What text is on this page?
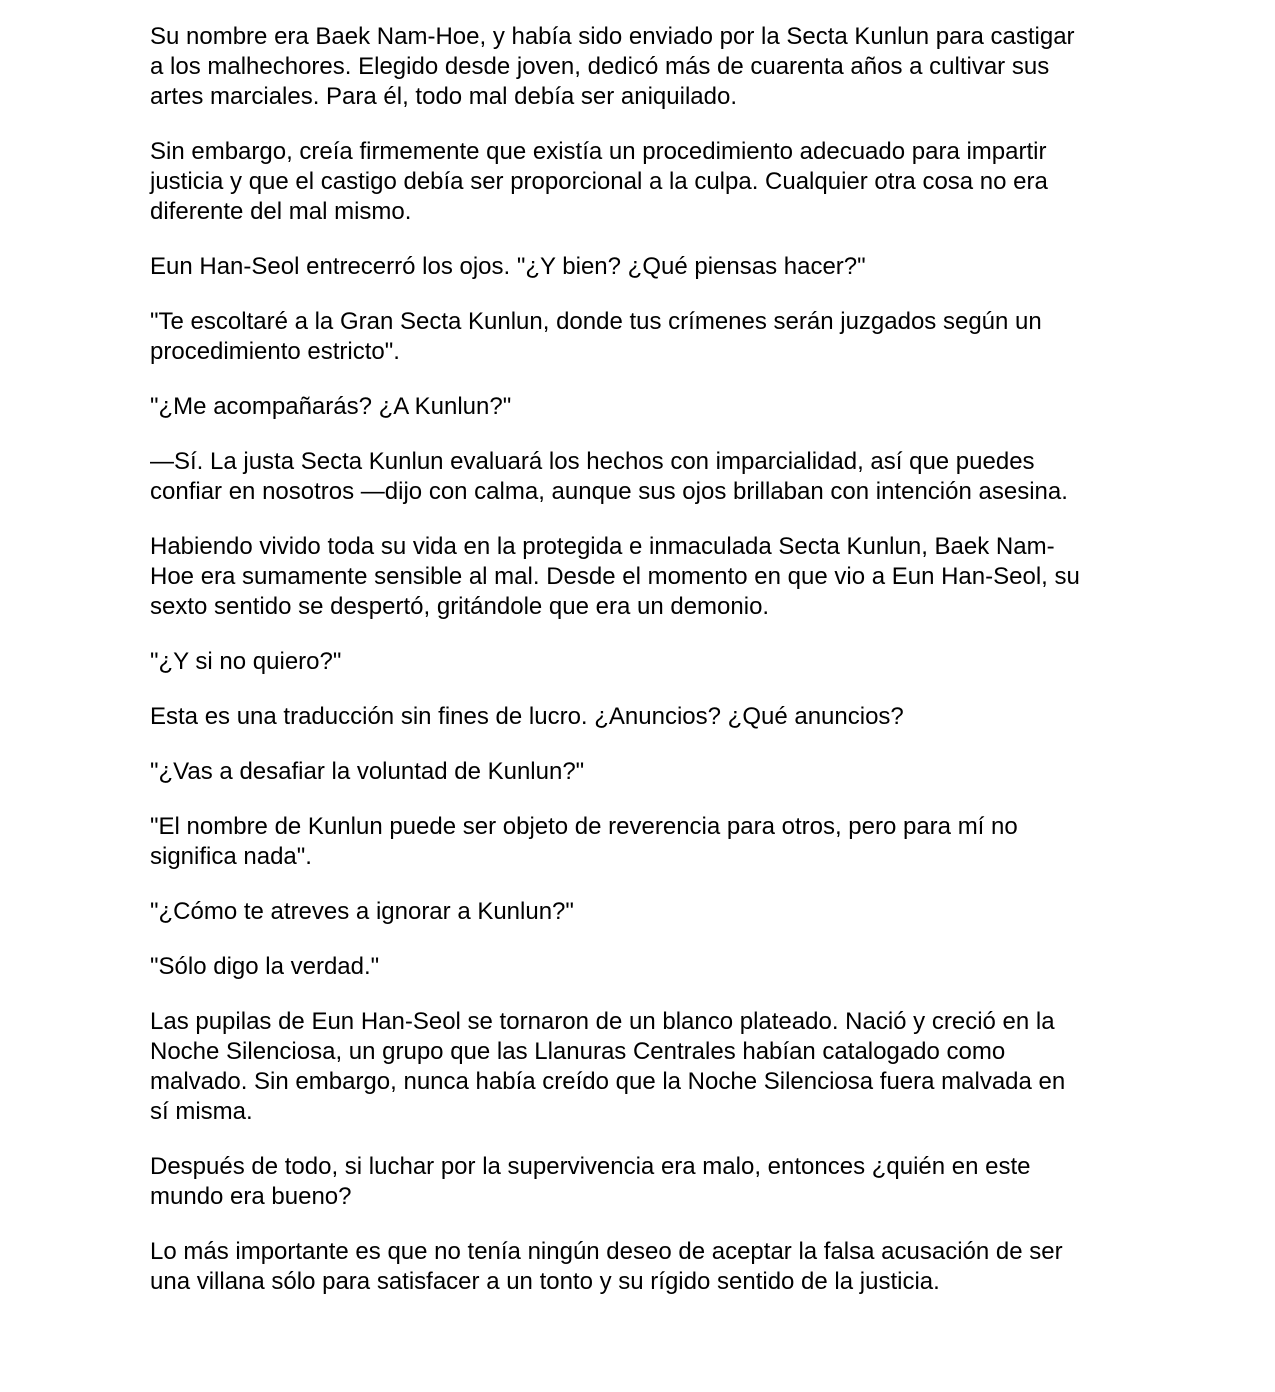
Su nombre era Baek Nam-Hoe, y había sido enviado por la Secta Kunlun para castigar
a los malhechores. Elegido desde joven, dedicó más de cuarenta años a cultivar sus
artes marciales. Para él, todo mal debía ser aniquilado.

Sin embargo, creía firmemente que existía un procedimiento adecuado para impartir
justicia y que el castigo debía ser proporcional a la culpa. Cualquier otra cosa no era
diferente del mal mismo.

Eun Han-Seol entrecerró los ojos. "¿Y bien? ¿Qué piensas hacer?"

"Te escoltaré a la Gran Secta Kunlun, donde tus crímenes serán juzgados según un
procedimiento estricto".

"¿Me acompañarás? ¿A Kunlun?"

—Sí. La justa Secta Kunlun evaluará los hechos con imparcialidad, así que puedes
confiar en nosotros —dijo con calma, aunque sus ojos brillaban con intención asesina.

Habiendo vivido toda su vida en la protegida e inmaculada Secta Kunlun, Baek Nam-
Hoe era sumamente sensible al mal. Desde el momento en que vio a Eun Han-Seol, su
sexto sentido se despertó, gritándole que era un demonio.

"¿Y si no quiero?"

Esta es una traducción sin fines de lucro. ¿Anuncios? ¿Qué anuncios?

"¿Vas a desafiar la voluntad de Kunlun?"

"El nombre de Kunlun puede ser objeto de reverencia para otros, pero para mí no
significa nada".

"¿Cómo te atreves a ignorar a Kunlun?"

"Sólo digo la verdad."

Las pupilas de Eun Han-Seol se tornaron de un blanco plateado. Nació y creció en la
Noche Silenciosa, un grupo que las Llanuras Centrales habían catalogado como
malvado. Sin embargo, nunca había creído que la Noche Silenciosa fuera malvada en
sí misma.

Después de todo, si luchar por la supervivencia era malo, entonces ¿quién en este
mundo era bueno?

Lo más importante es que no tenía ningún deseo de aceptar la falsa acusación de ser
una villana sólo para satisfacer a un tonto y su rígido sentido de la justicia.
